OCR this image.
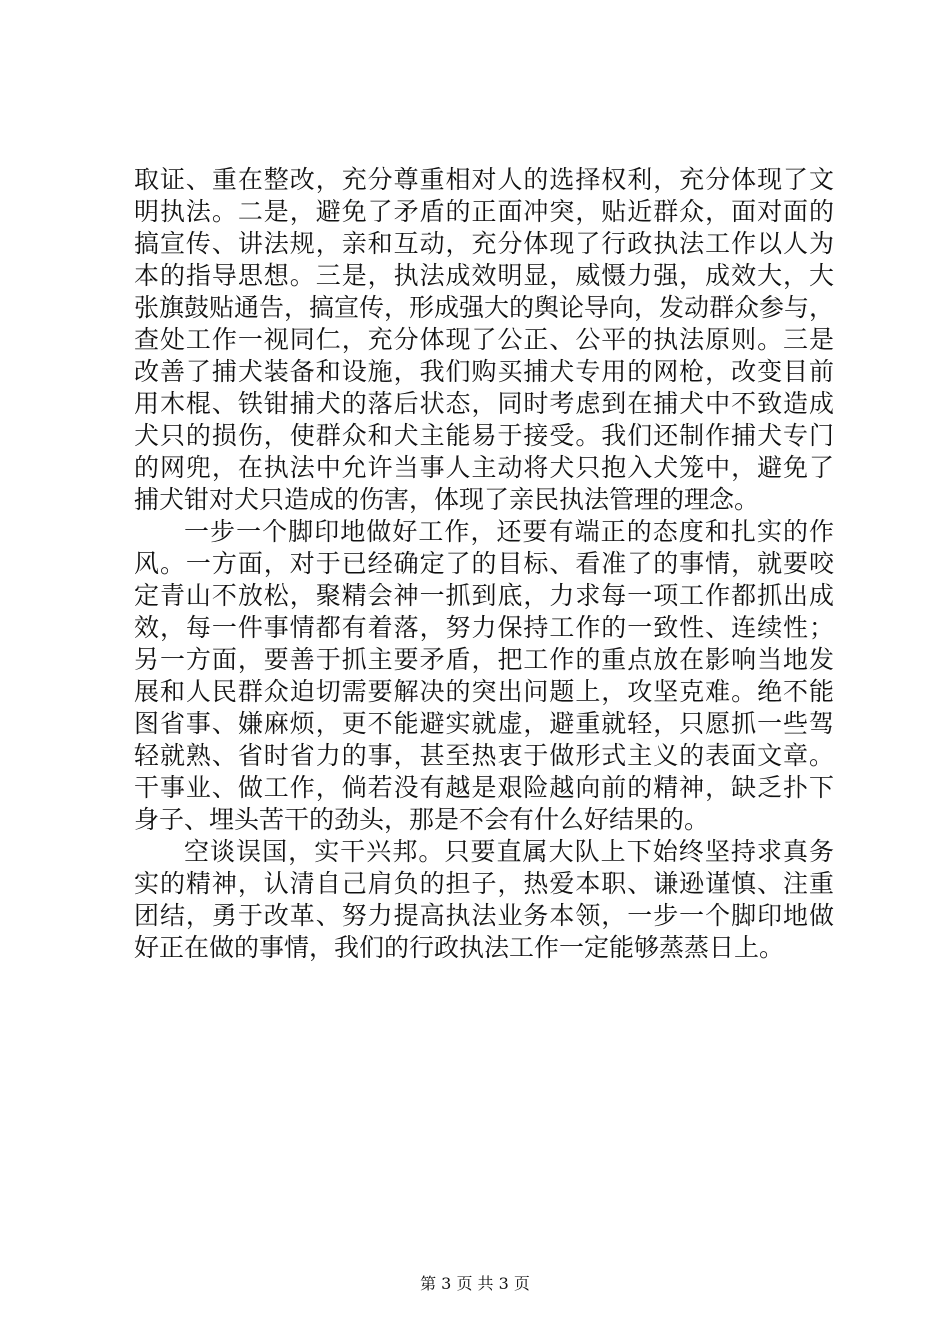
取证、重在整改，充分尊重相对人的选择权利，充分体现了文
明执法。二是，避免了矛盾的正面冲突，贴近群众，面对面的
搞宣传、讲法规，亲和互动，充分体现了行政执法工作以人为
本的指导思想。三是，执法成效明显，威慑力强，成效大，大
张旗鼓贴通告，搞宣传，形成强大的舆论导向，发动群众参与，
查处工作一视同仁，充分体现了公正、公平的执法原则。三是
改善了捕犬装备和设施，我们购买捕犬专用的网枪，改变目前
用木棍、铁钳捕犬的落后状态，同时考虑到在捕犬中不致造成
犬只的损伤，使群众和犬主能易于接受。我们还制作捕犬专门
的网兜，在执法中允许当事人主动将犬只抱入犬笼中，避免了
捕犬钳对犬只造成的伤害，体现了亲民执法管理的理念。
一步一个脚印地做好工作，还要有端正的态度和扎实的作
风。一方面，对于已经确定了的目标、看准了的事情，就要咬
定青山不放松，聚精会神一抓到底，力求每一项工作都抓出成
效，每一件事情都有着落，努力保持工作的一致性、连续性；
另一方面，要善于抓主要矛盾，把工作的重点放在影响当地发
展和人民群众迫切需要解决的突出问题上，攻坚克难。绝不能
图省事、嫌麻烦，更不能避实就虚，避重就轻，只愿抓一些驾
轻就熟、省时省力的事，甚至热衷于做形式主义的表面文章。
干事业、做工作，倘若没有越是艰险越向前的精神，缺乏扑下
身子、埋头苦干的劲头，那是不会有什么好结果的。
空谈误国，实干兴邦。只要直属大队上下始终坚持求真务
实的精神，认清自己肩负的担子，热爱本职、谦逊谨慎、注重
团结，勇于改革、努力提高执法业务本领，一步一个脚印地做
好正在做的事情，我们的行政执法工作一定能够蒸蒸日上。
第 3 页 共 3 页
